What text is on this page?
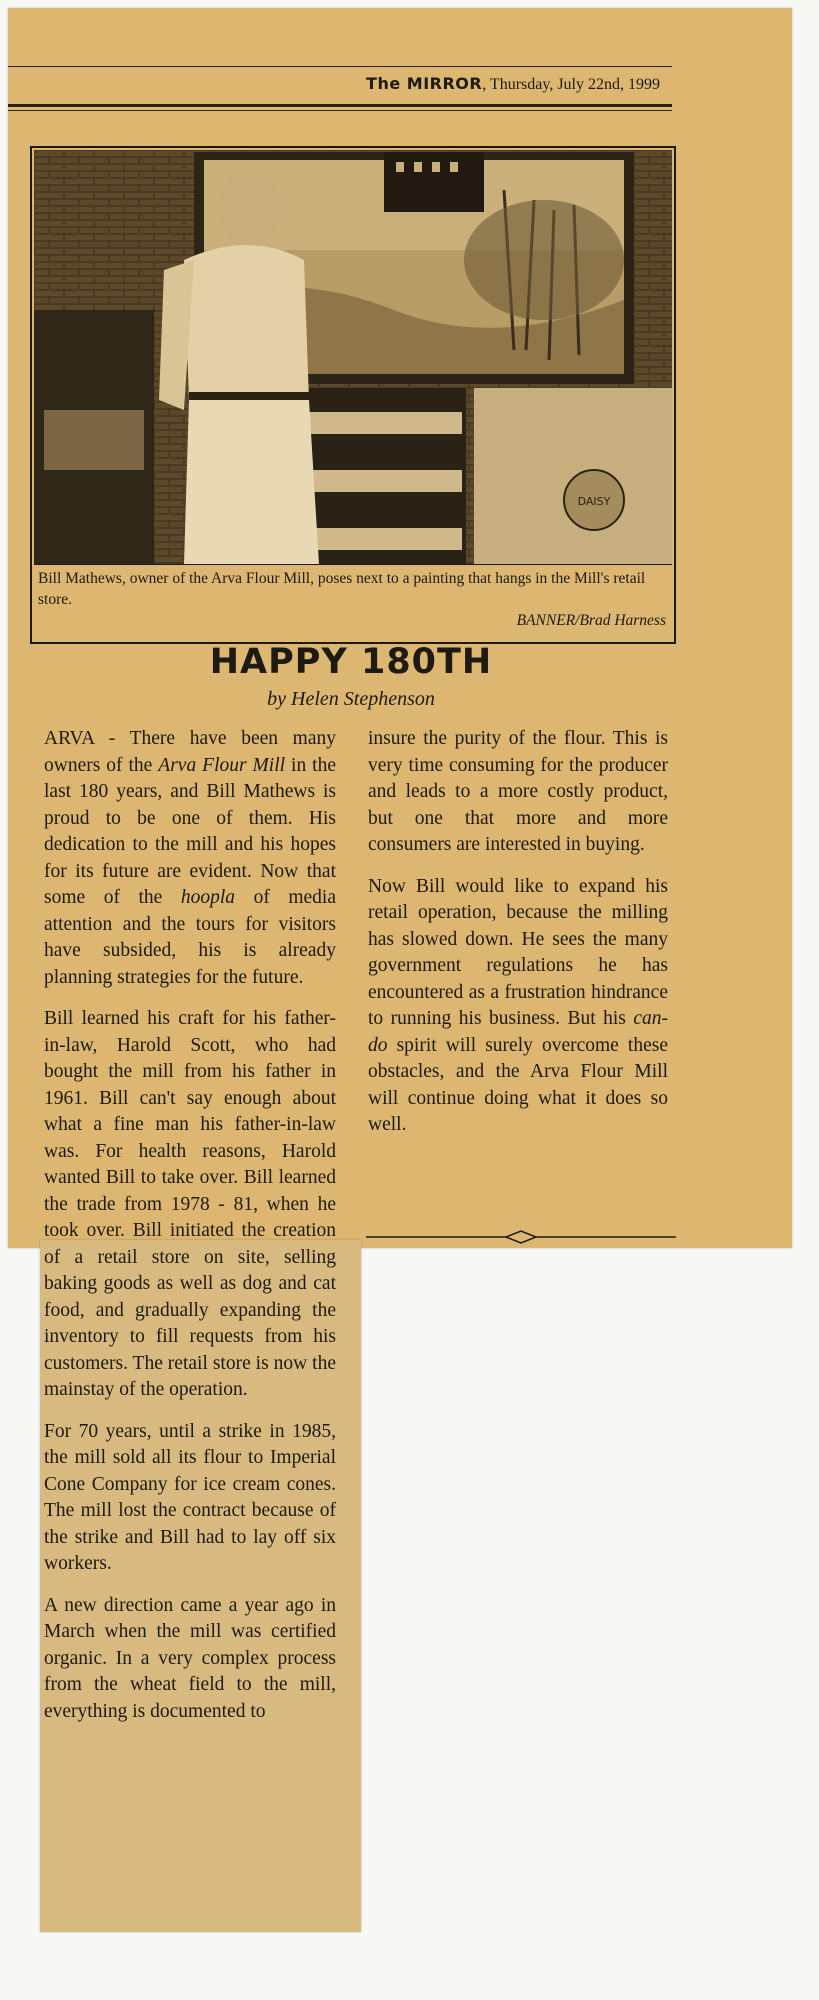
The MIRROR, Thursday, July 22nd, 1999
DAISY
Bill Mathews, owner of the Arva Flour Mill, poses next to a painting that hangs in the Mill's retail store.
BANNER/Brad Harness
HAPPY 180TH
by Helen Stephenson

ARVA - There have been many owners of the Arva Flour Mill in the last 180 years, and Bill Mathews is proud to be one of them. His dedication to the mill and his hopes for its future are evident. Now that some of the hoopla of media attention and the tours for visitors have subsided, his is already planning strategies for the future.

Bill learned his craft for his father-in-law, Harold Scott, who had bought the mill from his father in 1961. Bill can't say enough about what a fine man his father-in-law was. For health reasons, Harold wanted Bill to take over. Bill learned the trade from 1978 - 81, when he took over. Bill initiated the creation of a retail store on site, selling baking goods as well as dog and cat food, and gradually expanding the inventory to fill requests from his customers. The retail store is now the mainstay of the operation.

For 70 years, until a strike in 1985, the mill sold all its flour to Imperial Cone Company for ice cream cones. The mill lost the contract because of the strike and Bill had to lay off six workers.

A new direction came a year ago in March when the mill was certified organic. In a very complex process from the wheat field to the mill, everything is documented to

insure the purity of the flour. This is very time consuming for the producer and leads to a more costly product, but one that more and more consumers are interested in buying.

Now Bill would like to expand his retail operation, because the milling has slowed down. He sees the many government regulations he has encountered as a frustration hindrance to running his business. But his can-do spirit will surely overcome these obstacles, and the Arva Flour Mill will continue doing what it does so well.
